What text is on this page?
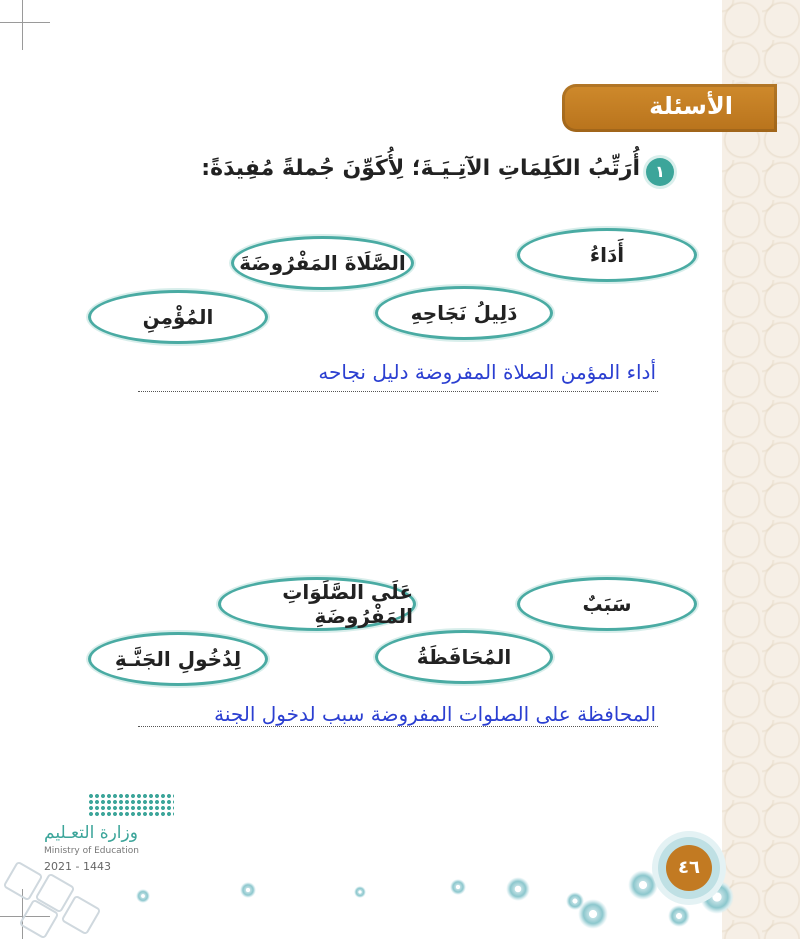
الأسئلة
١
أُرَتِّبُ الكَلِمَاتِ الآتِـيَـةَ؛ لِأُكَوِّنَ جُملةً مُفِيدَةً:
أَدَاءُ
الصَّلَاةَ المَفْرُوضَةَ
دَلِيلُ نَجَاحِهِ
المُؤْمِنِ
أداء المؤمن الصلاة المفروضة دليل نجاحه
سَبَبٌ
عَلَى الصَّلَوَاتِ المَفْرُوضَةِ
المُحَافَظَةُ
لِدُخُولِ الجَنَّـةِ
المحافظة على الصلوات المفروضة سبب لدخول الجنة
وزارة التعـليم
Ministry of Education
2021 - 1443	٤٦
